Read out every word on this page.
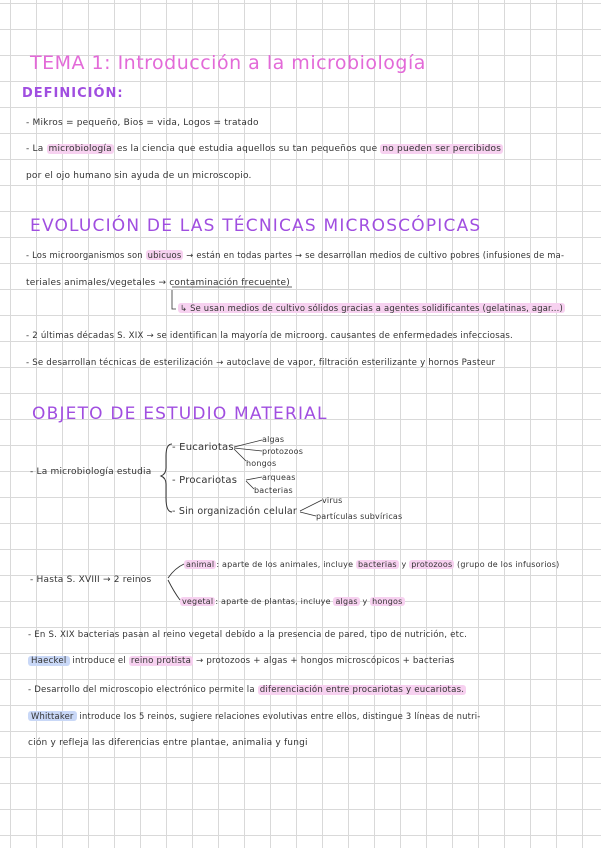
TEMA 1: Introducción a la microbiología
DEFINICIÓN:
- Mikros = pequeño, Bios = vida, Logos = tratado
- La microbiología es la ciencia que estudia aquellos su tan pequeños que no pueden ser percibidos
por el ojo humano sin ayuda de un microscopio.
EVOLUCIÓN DE LAS TÉCNICAS MICROSCÓPICAS
- Los microorganismos son ubicuos → están en todas partes → se desarrollan medios de cultivo pobres (infusiones de ma-
teriales animales/vegetales → contaminación frecuente)
↳ Se usan medios de cultivo sólidos gracias a agentes solidificantes (gelatinas, agar...)
- 2 últimas décadas S. XIX → se identifican la mayoría de microorg. causantes de enfermedades infecciosas.
- Se desarrollan técnicas de esterilización → autoclave de vapor, filtración esterilizante y hornos Pasteur
OBJETO DE ESTUDIO MATERIAL
- La microbiología estudia
- Eucariotas
algas
protozoos
hongos
- Procariotas	arqueas
bacterias
- Sin organización celular
virus
partículas subvíricas
- Hasta S. XVIII → 2 reinos
animal : aparte de los animales, incluye bacterias y protozoos (grupo de los infusorios)
vegetal : aparte de plantas, incluye algas y hongos
- En S. XIX bacterias pasan al reino vegetal debido a la presencia de pared, tipo de nutrición, etc.
Haeckel introduce el reino protista → protozoos + algas + hongos microscópicos + bacterias
- Desarrollo del microscopio electrónico permite la diferenciación entre procariotas y eucariotas.
Whittaker introduce los 5 reinos, sugiere relaciones evolutivas entre ellos, distingue 3 líneas de nutri-
ción y refleja las diferencias entre plantae, animalia y fungi
